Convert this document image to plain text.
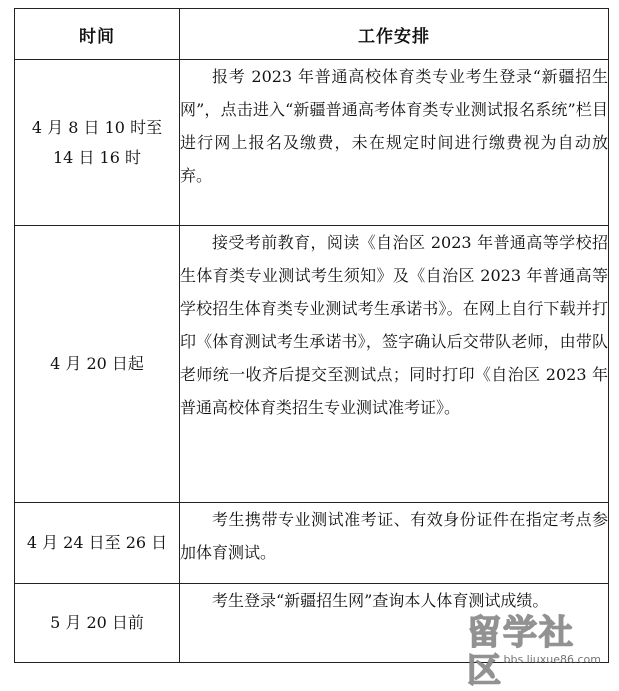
时间	工作安排

4 月 8 日 10 时至
14 日 16 时	报考 2023 年普通高校体育类专业考生登录“新疆招生网”，点击进入“新疆普通高考体育类专业测试报名系统”栏目进行网上报名及缴费，未在规定时间进行缴费视为自动放弃。

4 月 20 日起	接受考前教育，阅读《自治区 2023 年普通高等学校招生体育类专业测试考生须知》及《自治区 2023 年普通高等学校招生体育类专业测试考生承诺书》。在网上自行下载并打印《体育测试考生承诺书》，签字确认后交带队老师，由带队老师统一收齐后提交至测试点；同时打印《自治区 2023 年普通高校体育类招生专业测试准考证》。

4 月 24 日至 26 日	考生携带专业测试准考证、有效身份证件在指定考点参加体育测试。

5 月 20 日前	考生登录“新疆招生网”查询本人体育测试成绩。

留学社区 bbs.liuxue86.com
